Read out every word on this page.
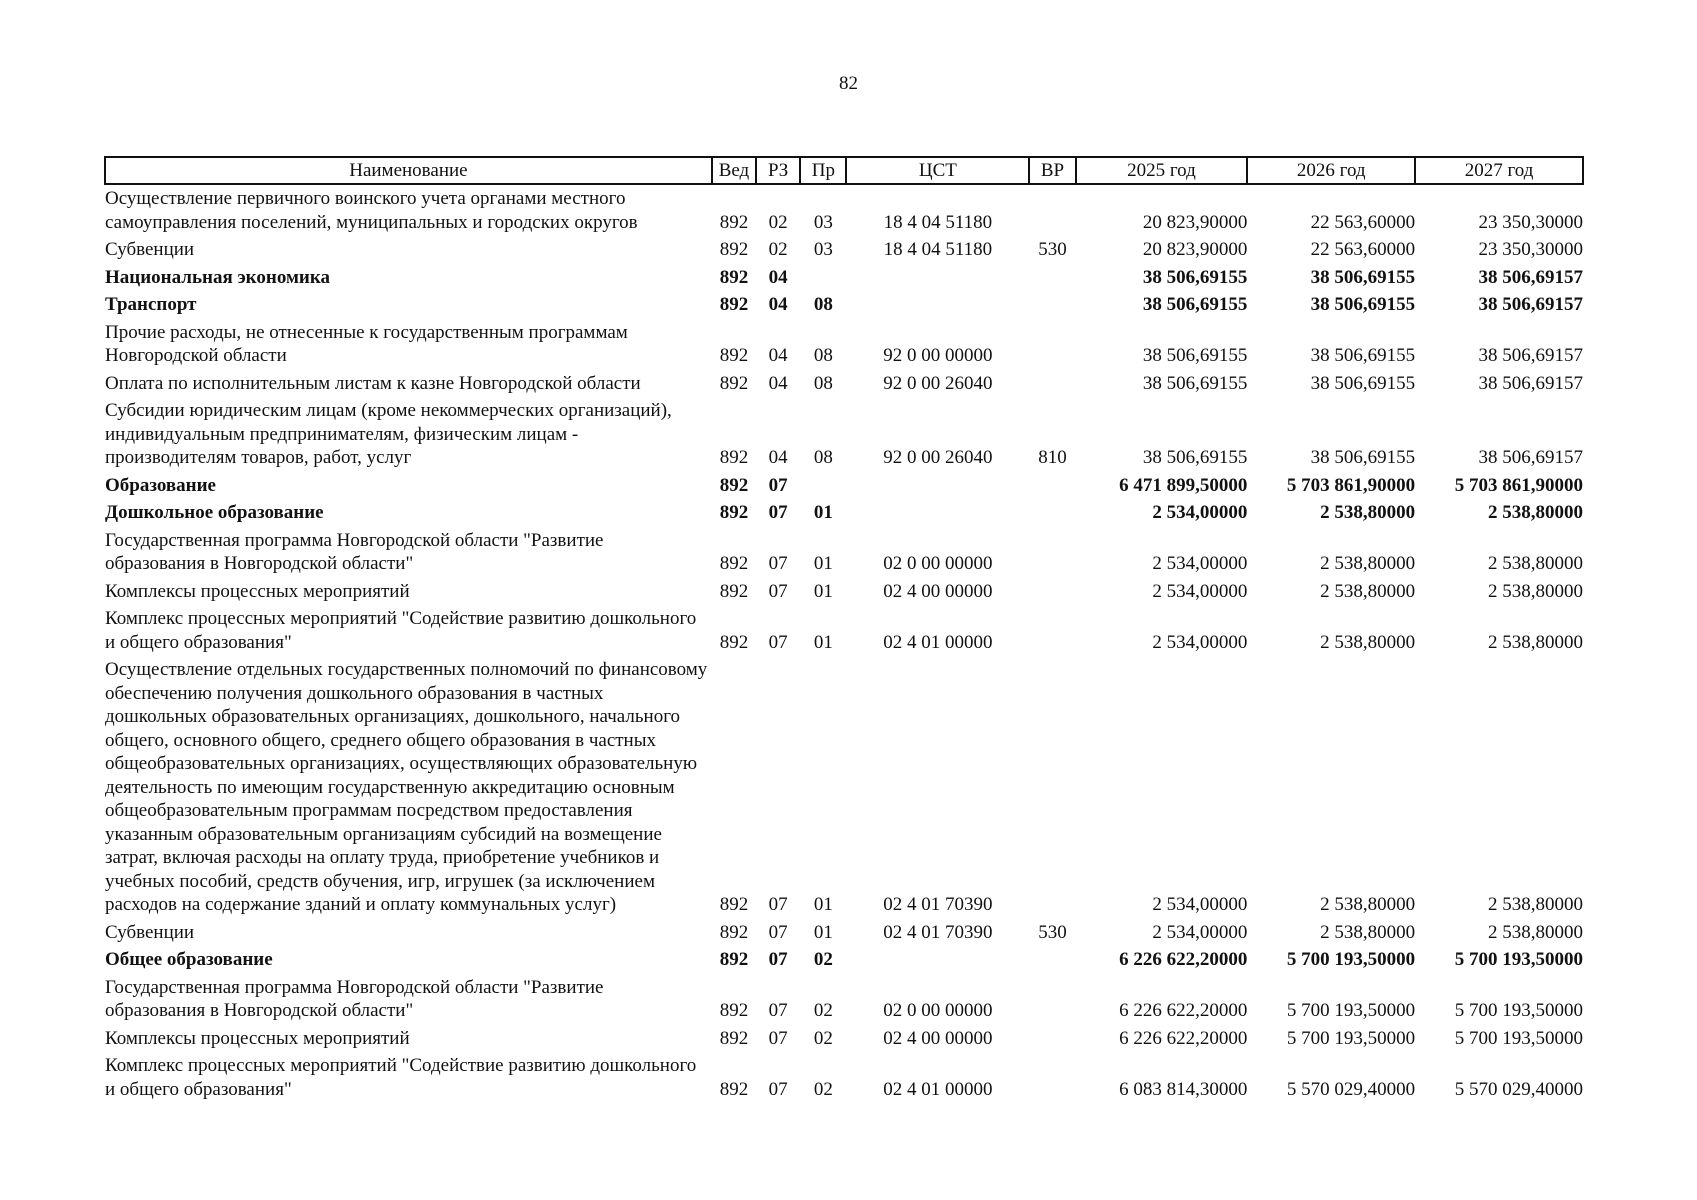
82
Наименование	Вед	РЗ	Пр	ЦСТ	ВР	2025 год	2026 год	2027 год
Осуществление первичного воинского учета органами местного самоуправления поселений, муниципальных и городских округов	892	02	03	18 4 04 51180		20 823,90000	22 563,60000	23 350,30000
Субвенции	892	02	03	18 4 04 51180	530	20 823,90000	22 563,60000	23 350,30000
Национальная экономика	892	04				38 506,69155	38 506,69155	38 506,69157
Транспорт	892	04	08			38 506,69155	38 506,69155	38 506,69157
Прочие расходы, не отнесенные к государственным программам Новгородской области	892	04	08	92 0 00 00000		38 506,69155	38 506,69155	38 506,69157
Оплата по исполнительным листам к казне Новгородской области	892	04	08	92 0 00 26040		38 506,69155	38 506,69155	38 506,69157
Субсидии юридическим лицам (кроме некоммерческих организаций), индивидуальным предпринимателям, физическим лицам - производителям товаров, работ, услуг	892	04	08	92 0 00 26040	810	38 506,69155	38 506,69155	38 506,69157
Образование	892	07				6 471 899,50000	5 703 861,90000	5 703 861,90000
Дошкольное образование	892	07	01			2 534,00000	2 538,80000	2 538,80000
Государственная программа Новгородской области "Развитие образования в Новгородской области"	892	07	01	02 0 00 00000		2 534,00000	2 538,80000	2 538,80000
Комплексы процессных мероприятий	892	07	01	02 4 00 00000		2 534,00000	2 538,80000	2 538,80000
Комплекс процессных мероприятий "Содействие развитию дошкольного и общего образования"	892	07	01	02 4 01 00000		2 534,00000	2 538,80000	2 538,80000
Осуществление отдельных государственных полномочий по финансовому обеспечению получения дошкольного образования в частных дошкольных образовательных организациях, дошкольного, начального общего, основного общего, среднего общего образования в частных общеобразовательных организациях, осуществляющих образовательную деятельность по имеющим государственную аккредитацию основным общеобразовательным программам посредством предоставления указанным образовательным организациям субсидий на возмещение затрат, включая расходы на оплату труда, приобретение учебников и учебных пособий, средств обучения, игр, игрушек (за исключением расходов на содержание зданий и оплату коммунальных услуг)	892	07	01	02 4 01 70390		2 534,00000	2 538,80000	2 538,80000
Субвенции	892	07	01	02 4 01 70390	530	2 534,00000	2 538,80000	2 538,80000
Общее образование	892	07	02			6 226 622,20000	5 700 193,50000	5 700 193,50000
Государственная программа Новгородской области "Развитие образования в Новгородской области"	892	07	02	02 0 00 00000		6 226 622,20000	5 700 193,50000	5 700 193,50000
Комплексы процессных мероприятий	892	07	02	02 4 00 00000		6 226 622,20000	5 700 193,50000	5 700 193,50000
Комплекс процессных мероприятий "Содействие развитию дошкольного и общего образования"	892	07	02	02 4 01 00000		6 083 814,30000	5 570 029,40000	5 570 029,40000
